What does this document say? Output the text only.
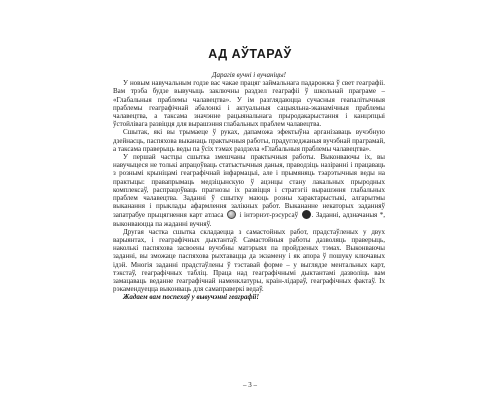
АД АЎТАРАЎ

Дарагія вучні і вучаніцы!

У новым навучальным годзе вас чакае працяг займальнага падарожжа ў свет геаграфіі. Вам трэба будзе вывучыць заключны раздзел геаграфіі ў школьнай праграме – «Глабальныя праблемы чалавецтва». У ім разглядаюцца сучасныя геапалітычныя праблемы геаграфічнай абалонкі і актуальныя сацыяльна-эканамічныя праблемы чалавецтва, а таксама значэнне рацыянальнага прыродакарыстання і канцэпцыі ўстойлівага развіцця для вырашэння глабальных праблем чалавецтва.

Сшытак, які вы трымаеце ў руках, дапаможа эфектыўна арганізаваць вучэбную дзейнасць, паспяхова выканаць практычныя работы, прадугледжаныя вучэбнай праграмай, а таксама праверыць веды па ўсіх тэмах раздзела «Глабальныя праблемы чалавецтва».

У першай частцы сшытка змешчаны практычныя работы. Выконваючы іх, вы навучыцеся не толькі апрацоўваць статыстычныя даныя, праводзіць назіранні і працаваць з рознымі крыніцамі геаграфічнай інфармацыі, але і прымяняць тэарэтычныя веды на практыцы: правапрымаць медзіцынскую ў ацэнцы стану лакальных прыродных комплексаў, распрацоўваць прагнозы іх развіцця і стратэгіі вырашэння глабальных праблем чалавецтва. Заданні ў сшытку маюць розны характарыстыкі, алгарытмы выканання і прыклады афармлення залікных работ. Выкананне некаторых заданняў запатрабуе прыцягнення карт атласа  і інтэрнэт-рэсурсаў . Заданні, адзначаныя *, выконваюцца па жаданні вучняў.

Другая частка сшытка складаецца з самастойных работ, прадстаўленых у двух варыянтах, і геаграфічных дыктантаў. Самастойныя работы дазволяць праверыць, наколькі паспяхова засвоены вучэбны матэрыял па пройдзеных тэмах. Выконваючы заданні, вы зможаце паспяхова рыхтавацца да экзамену і як апора ў пошуку ключавых ідэй. Многія заданні прадстаўлены ў тэставай форме – у выглядзе ментальных карт, тэкстаў, геаграфічных табліц. Праца над геаграфічнымі дыктантамі дазволіць вам замацаваць веданне геаграфічнай наменклатуры, краін-лідараў, геаграфічных фактаў. Іх рэкамендуецца выконваць для самаправеркі ведаў.

Жадаем вам поспехаў у вывучэнні геаграфіі!

– 3 –
